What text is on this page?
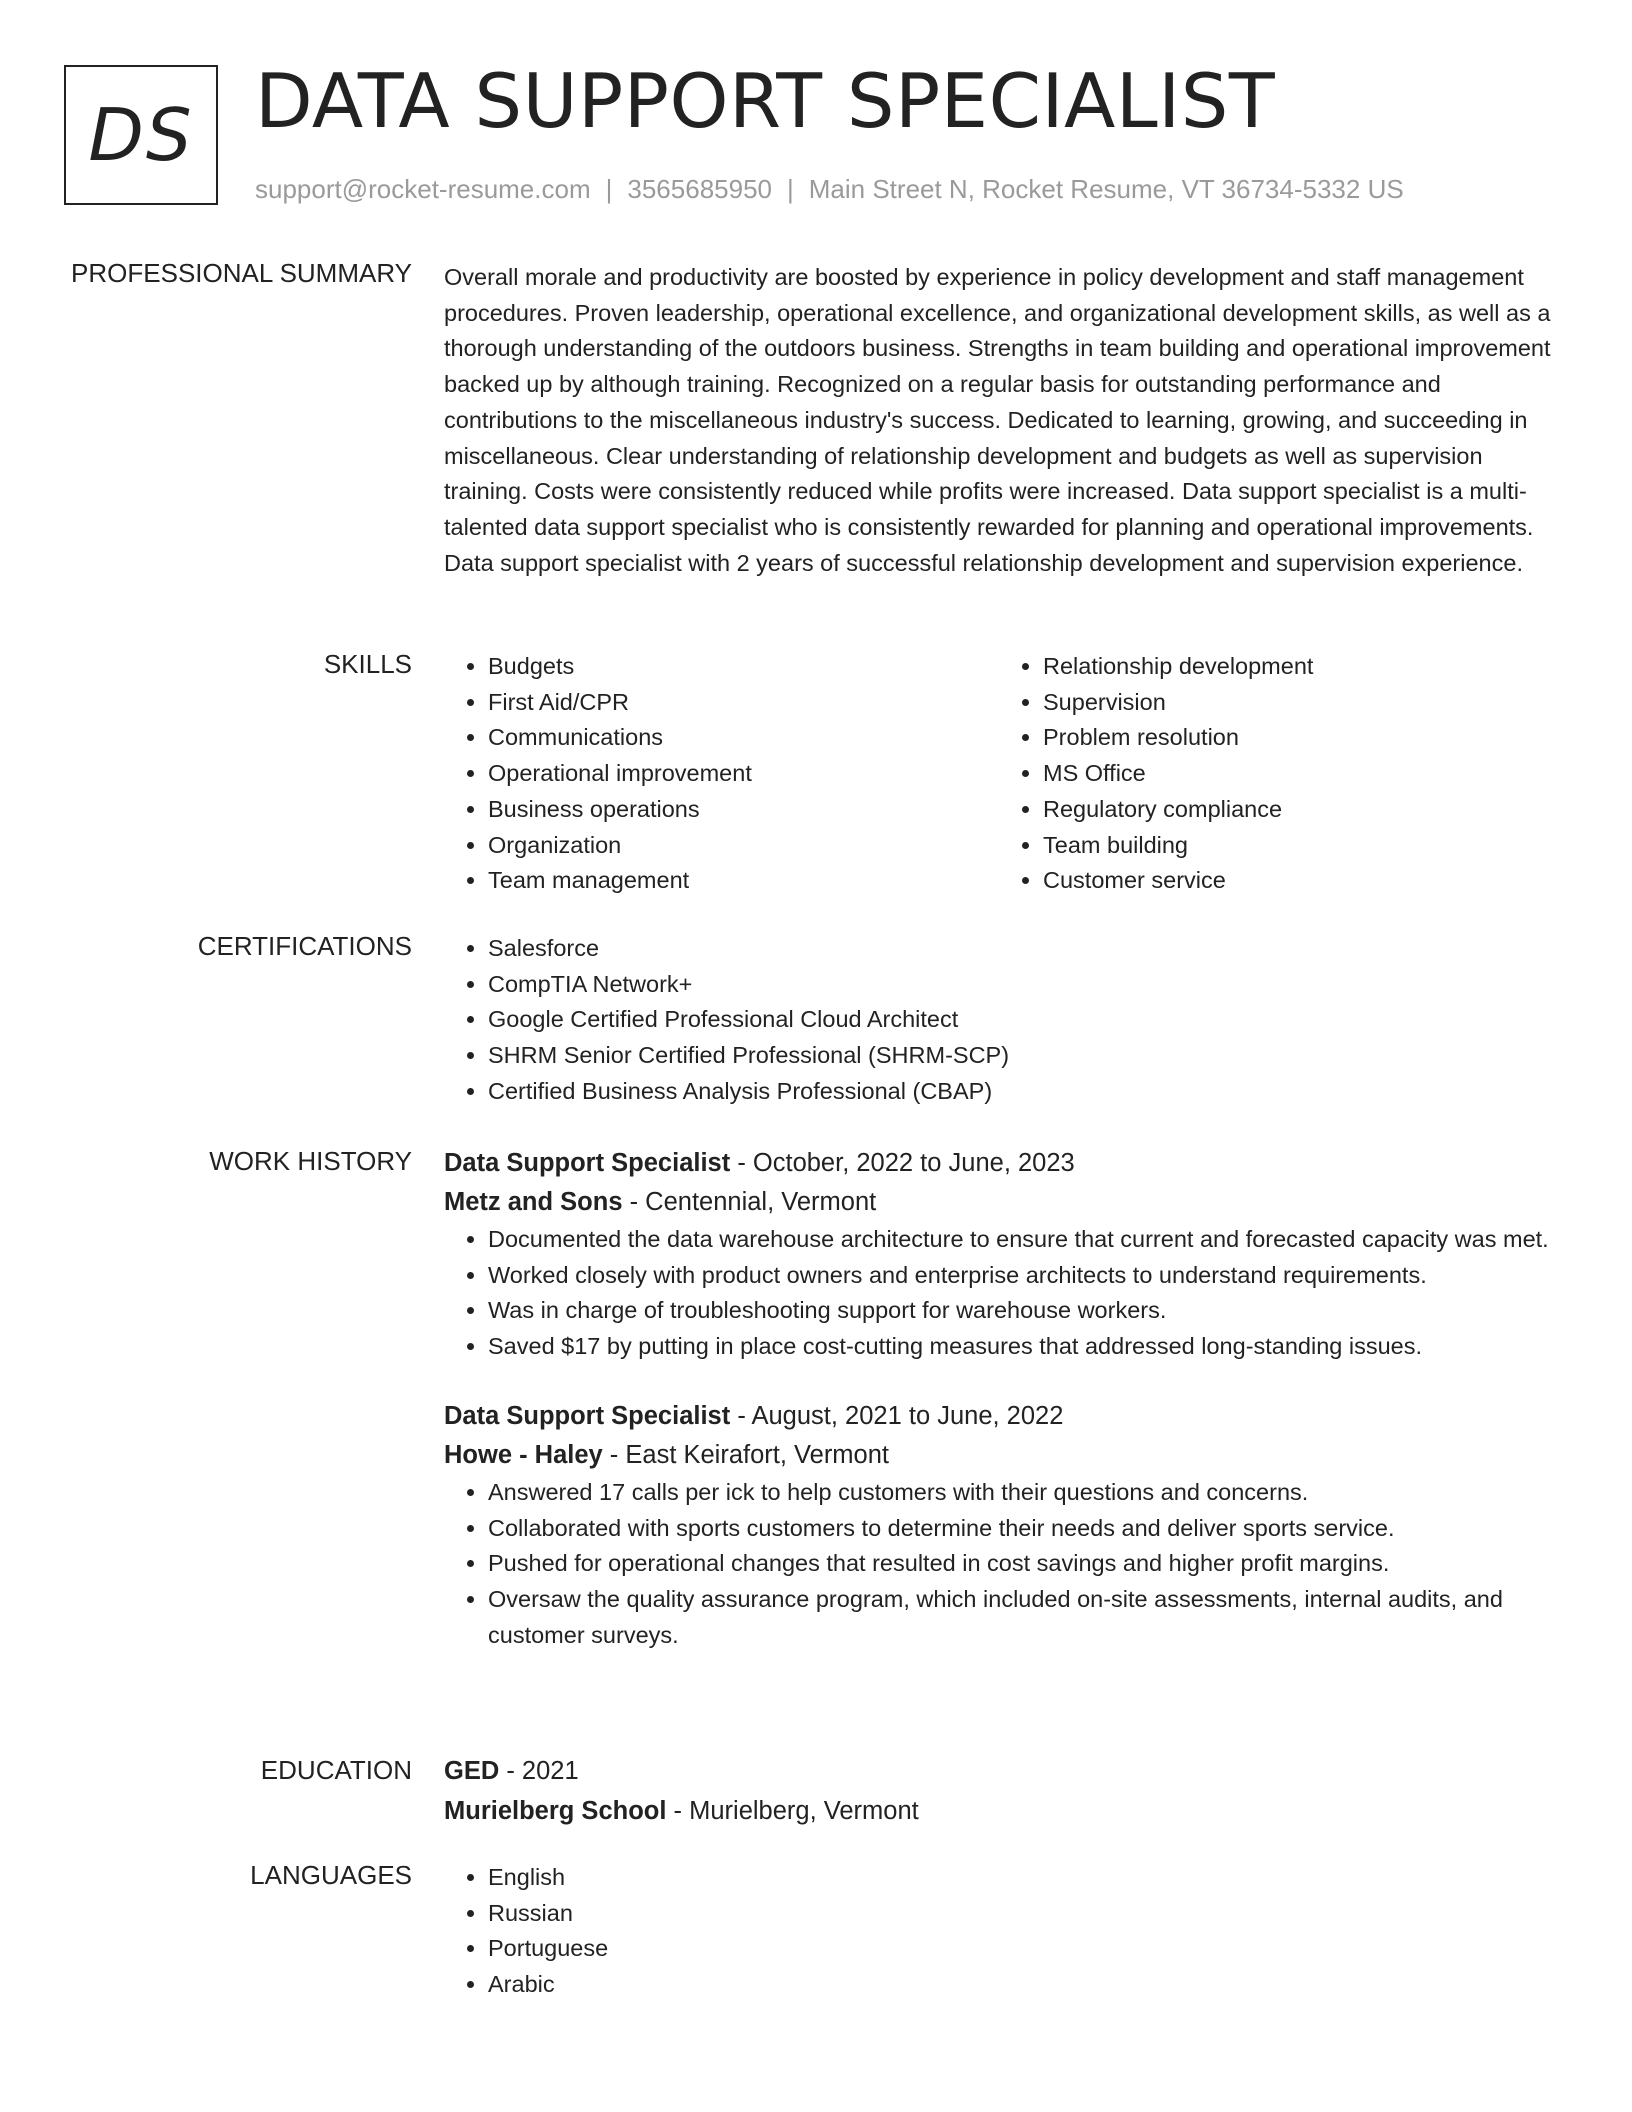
DS DATA SUPPORT SPECIALIST
support@rocket-resume.com | 3565685950 | Main Street N, Rocket Resume, VT 36734-5332 US
PROFESSIONAL SUMMARY Overall morale and productivity are boosted by experience in policy development and staff management procedures. Proven leadership, operational excellence, and organizational development skills, as well as a thorough understanding of the outdoors business. Strengths in team building and operational improvement backed up by although training. Recognized on a regular basis for outstanding performance and contributions to the miscellaneous industry's success. Dedicated to learning, growing, and succeeding in miscellaneous. Clear understanding of relationship development and budgets as well as supervision training. Costs were consistently reduced while profits were increased. Data support specialist is a multi-talented data support specialist who is consistently rewarded for planning and operational improvements. Data support specialist with 2 years of successful relationship development and supervision experience.

SKILLS	• Budgets
• First Aid/CPR
• Communications
• Operational improvement
• Business operations
• Organization
• Team management
• Relationship development
• Supervision
• Problem resolution
• MS Office
• Regulatory compliance
• Team building
• Customer service
CERTIFICATIONS	• Salesforce
• CompTIA Network+
• Google Certified Professional Cloud Architect
• SHRM Senior Certified Professional (SHRM-SCP)
• Certified Business Analysis Professional (CBAP)
WORK HISTORY Data Support Specialist - October, 2022 to June, 2023

Metz and Sons - Centennial, Vermont

• Documented the data warehouse architecture to ensure that current and forecasted capacity was met.
• Worked closely with product owners and enterprise architects to understand requirements.
• Was in charge of troubleshooting support for warehouse workers.
• Saved $17 by putting in place cost-cutting measures that addressed long-standing issues.

Data Support Specialist - August, 2021 to June, 2022

Howe - Haley - East Keirafort, Vermont

• Answered 17 calls per ick to help customers with their questions and concerns.
• Collaborated with sports customers to determine their needs and deliver sports service.
• Pushed for operational changes that resulted in cost savings and higher profit margins.
• Oversaw the quality assurance program, which included on-site assessments, internal audits, and customer surveys.
EDUCATION GED - 2021

Murielberg School - Murielberg, Vermont

LANGUAGES	• English
• Russian
• Portuguese
• Arabic
